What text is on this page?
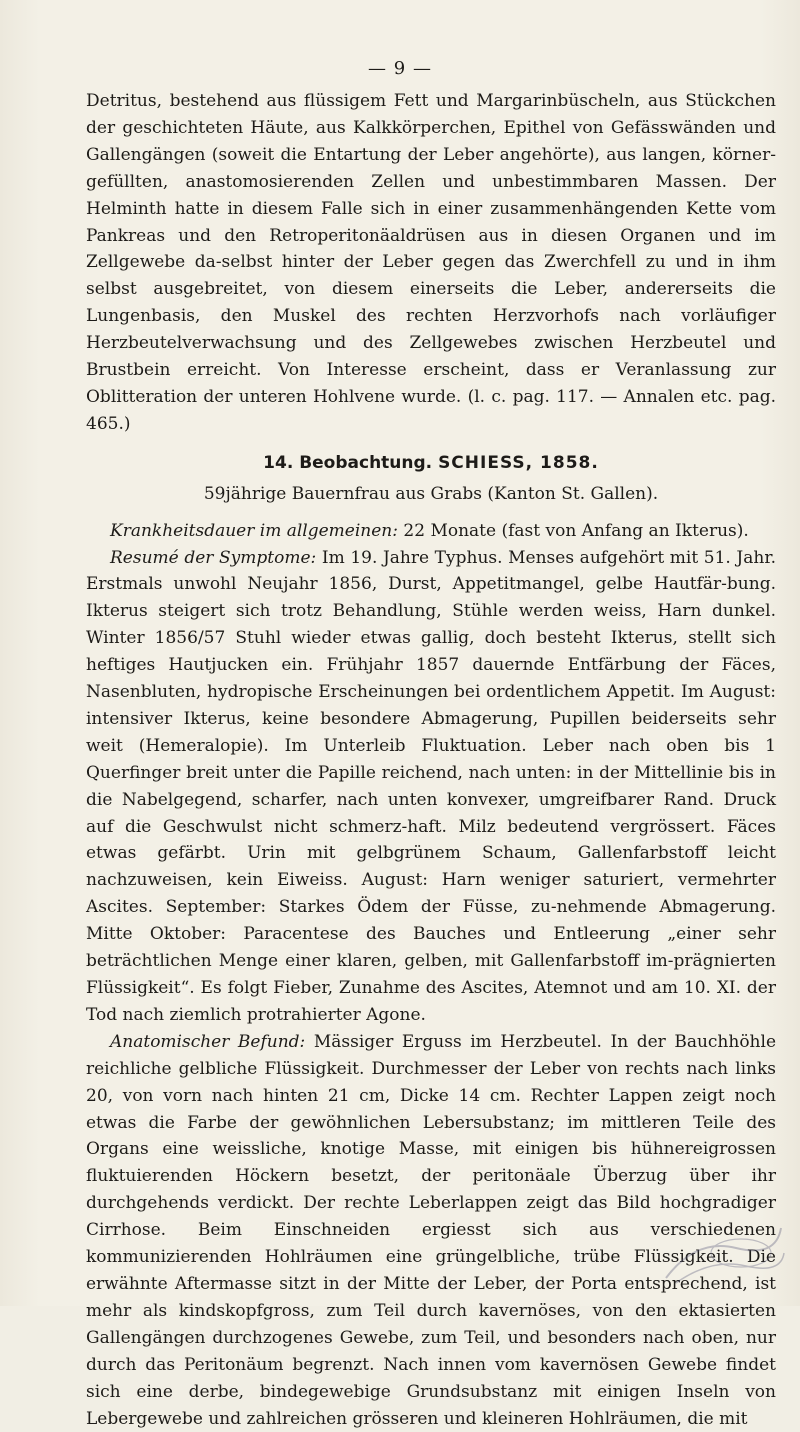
— 9 —

Detritus, bestehend aus flüssigem Fett und Margarinbüscheln, aus Stückchen der geschichteten Häute, aus Kalkkörperchen, Epithel von Gefässwänden und Gallengängen (soweit die Entartung der Leber angehörte), aus langen, körner-gefüllten, anastomosierenden Zellen und unbestimmbaren Massen. Der Helminth hatte in diesem Falle sich in einer zusammenhängenden Kette vom Pankreas und den Retroperitonäaldrüsen aus in diesen Organen und im Zellgewebe da-selbst hinter der Leber gegen das Zwerchfell zu und in ihm selbst ausgebreitet, von diesem einerseits die Leber, andererseits die Lungenbasis, den Muskel des rechten Herzvorhofs nach vorläufiger Herzbeutelverwachsung und des Zellgewebes zwischen Herzbeutel und Brustbein erreicht. Von Interesse erscheint, dass er Veranlassung zur Oblitteration der unteren Hohlvene wurde. (l. c. pag. 117. — Annalen etc. pag. 465.)

14. Beobachtung. SCHIESS, 1858.
59jährige Bauernfrau aus Grabs (Kanton St. Gallen).

Krankheitsdauer im allgemeinen: 22 Monate (fast von Anfang an Ikterus).

Resumé der Symptome: Im 19. Jahre Typhus. Menses aufgehört mit 51. Jahr. Erstmals unwohl Neujahr 1856, Durst, Appetitmangel, gelbe Hautfär-bung. Ikterus steigert sich trotz Behandlung, Stühle werden weiss, Harn dunkel. Winter 1856/57 Stuhl wieder etwas gallig, doch besteht Ikterus, stellt sich heftiges Hautjucken ein. Frühjahr 1857 dauernde Entfärbung der Fäces, Nasenbluten, hydropische Erscheinungen bei ordentlichem Appetit. Im August: intensiver Ikterus, keine besondere Abmagerung, Pupillen beiderseits sehr weit (Hemeralopie). Im Unterleib Fluktuation. Leber nach oben bis 1 Querfinger breit unter die Papille reichend, nach unten: in der Mittellinie bis in die Nabelgegend, scharfer, nach unten konvexer, umgreifbarer Rand. Druck auf die Geschwulst nicht schmerz-haft. Milz bedeutend vergrössert. Fäces etwas gefärbt. Urin mit gelbgrünem Schaum, Gallenfarbstoff leicht nachzuweisen, kein Eiweiss. August: Harn weniger saturiert, vermehrter Ascites. September: Starkes Ödem der Füsse, zu-nehmende Abmagerung. Mitte Oktober: Paracentese des Bauches und Entleerung „einer sehr beträchtlichen Menge einer klaren, gelben, mit Gallenfarbstoff im-prägnierten Flüssigkeit“. Es folgt Fieber, Zunahme des Ascites, Atemnot und am 10. XI. der Tod nach ziemlich protrahierter Agone.

Anatomischer Befund: Mässiger Erguss im Herzbeutel. In der Bauchhöhle reichliche gelbliche Flüssigkeit. Durchmesser der Leber von rechts nach links 20, von vorn nach hinten 21 cm, Dicke 14 cm. Rechter Lappen zeigt noch etwas die Farbe der gewöhnlichen Lebersubstanz; im mittleren Teile des Organs eine weissliche, knotige Masse, mit einigen bis hühnereigrossen fluktuierenden Höckern besetzt, der peritonäale Überzug über ihr durchgehends verdickt. Der rechte Leberlappen zeigt das Bild hochgradiger Cirrhose. Beim Einschneiden ergiesst sich aus verschiedenen kommunizierenden Hohlräumen eine grüngelbliche, trübe Flüssigkeit. Die erwähnte Aftermasse sitzt in der Mitte der Leber, der Porta entsprechend, ist mehr als kindskopfgross, zum Teil durch kavernöses, von den ektasierten Gallengängen durchzogenes Gewebe, zum Teil, und besonders nach oben, nur durch das Peritonäum begrenzt. Nach innen vom kavernösen Gewebe findet sich eine derbe, bindegewebige Grundsubstanz mit einigen Inseln von Lebergewebe und zahlreichen grösseren und kleineren Hohlräumen, die mit
